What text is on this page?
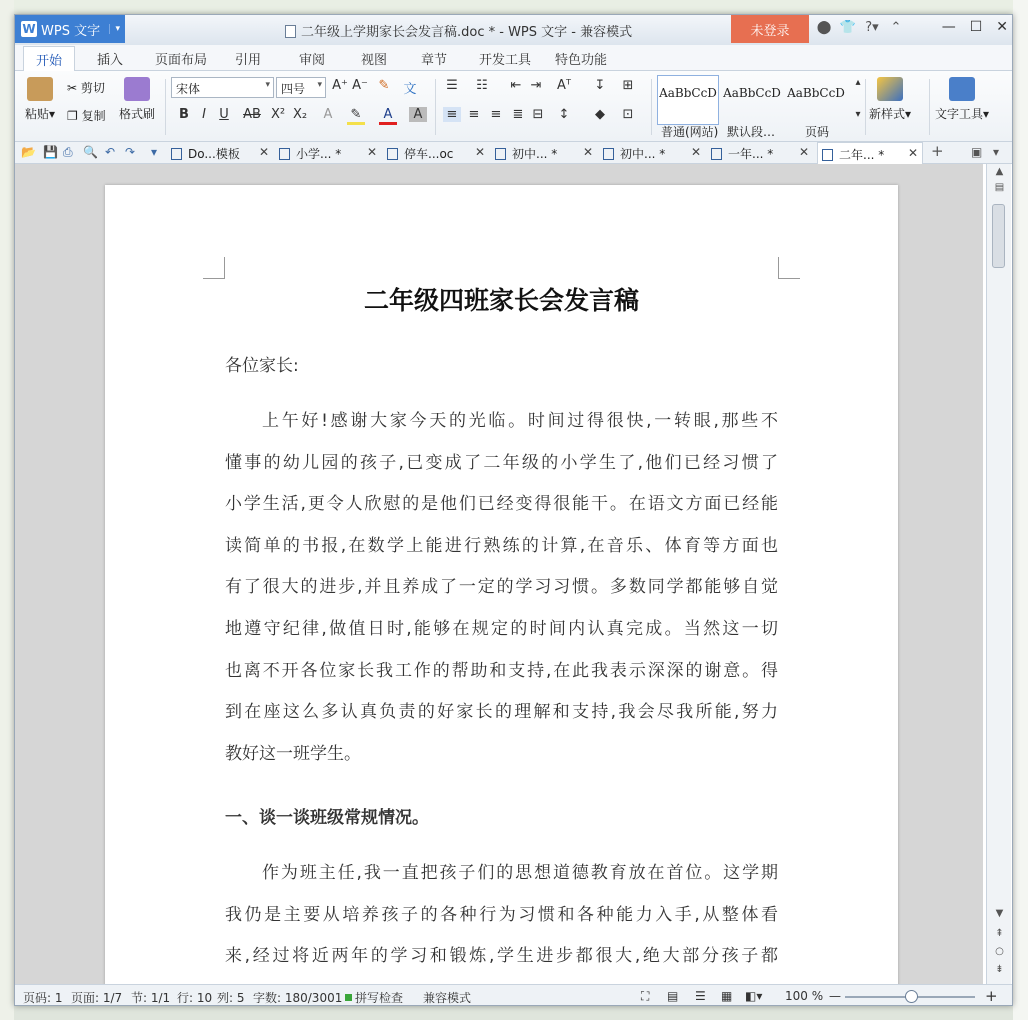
W WPS 文字	▾	二年级上学期家长会发言稿.doc * - WPS 文字 - 兼容模式	未登录	⬤ 👕 ?▾ ⌃	— ☐ ✕
开始	插入 页面布局 引用	审阅	视图	章节 开发工具 特色功能
粘贴▾
✂ 剪切
❐ 复制 格式刷
宋体 ▾	四号 ▾	A⁺ A⁻ ✎ 文
B	I	U	AB X² X₂	A	✎	A	A
☰ ☷ ⇤ ⇥
≡ ≡ ≡ ≣ ⊟
Aᵀ
↕
↧ ⊞
◆	⊡
AaBbCcD AaBbCcD AaBbCcD
普通(网站) 默认段… 页码
▴
▾ 新样式▾ 文字工具▾
📂 💾 ⎙ 🔍 ↶ ↷ ▾	Do...模板 ✕	小学... * ✕	停车...oc ✕	初中... * ✕	初中... * ✕	一年... * ✕	二年... * ✕ + ▣ ▾
二年级四班家长会发言稿
各位家长:
上午好!感谢大家今天的光临。时间过得很快,一转眼,那些不
懂事的幼儿园的孩子,已变成了二年级的小学生了,他们已经习惯了
小学生活,更令人欣慰的是他们已经变得很能干。在语文方面已经能
读简单的书报,在数学上能进行熟练的计算,在音乐、体育等方面也
有了很大的进步,并且养成了一定的学习习惯。多数同学都能够自觉
地遵守纪律,做值日时,能够在规定的时间内认真完成。当然这一切
也离不开各位家长我工作的帮助和支持,在此我表示深深的谢意。得
到在座这么多认真负责的好家长的理解和支持,我会尽我所能,努力
教好这一班学生。
一、谈一谈班级常规情况。
作为班主任,我一直把孩子们的思想道德教育放在首位。这学期
我仍是主要从培养孩子的各种行为习惯和各种能力入手,从整体看
来,经过将近两年的学习和锻炼,学生进步都很大,绝大部分孩子都
▲
▤
▼
⇞
○
⇟
页码: 1 页面: 1/7 节: 1/1 行: 10 列: 5 字数: 180/3001	拼写检查 兼容模式	⛶ ▤ ☰ ▦ ◧▾ 100 % —	+
